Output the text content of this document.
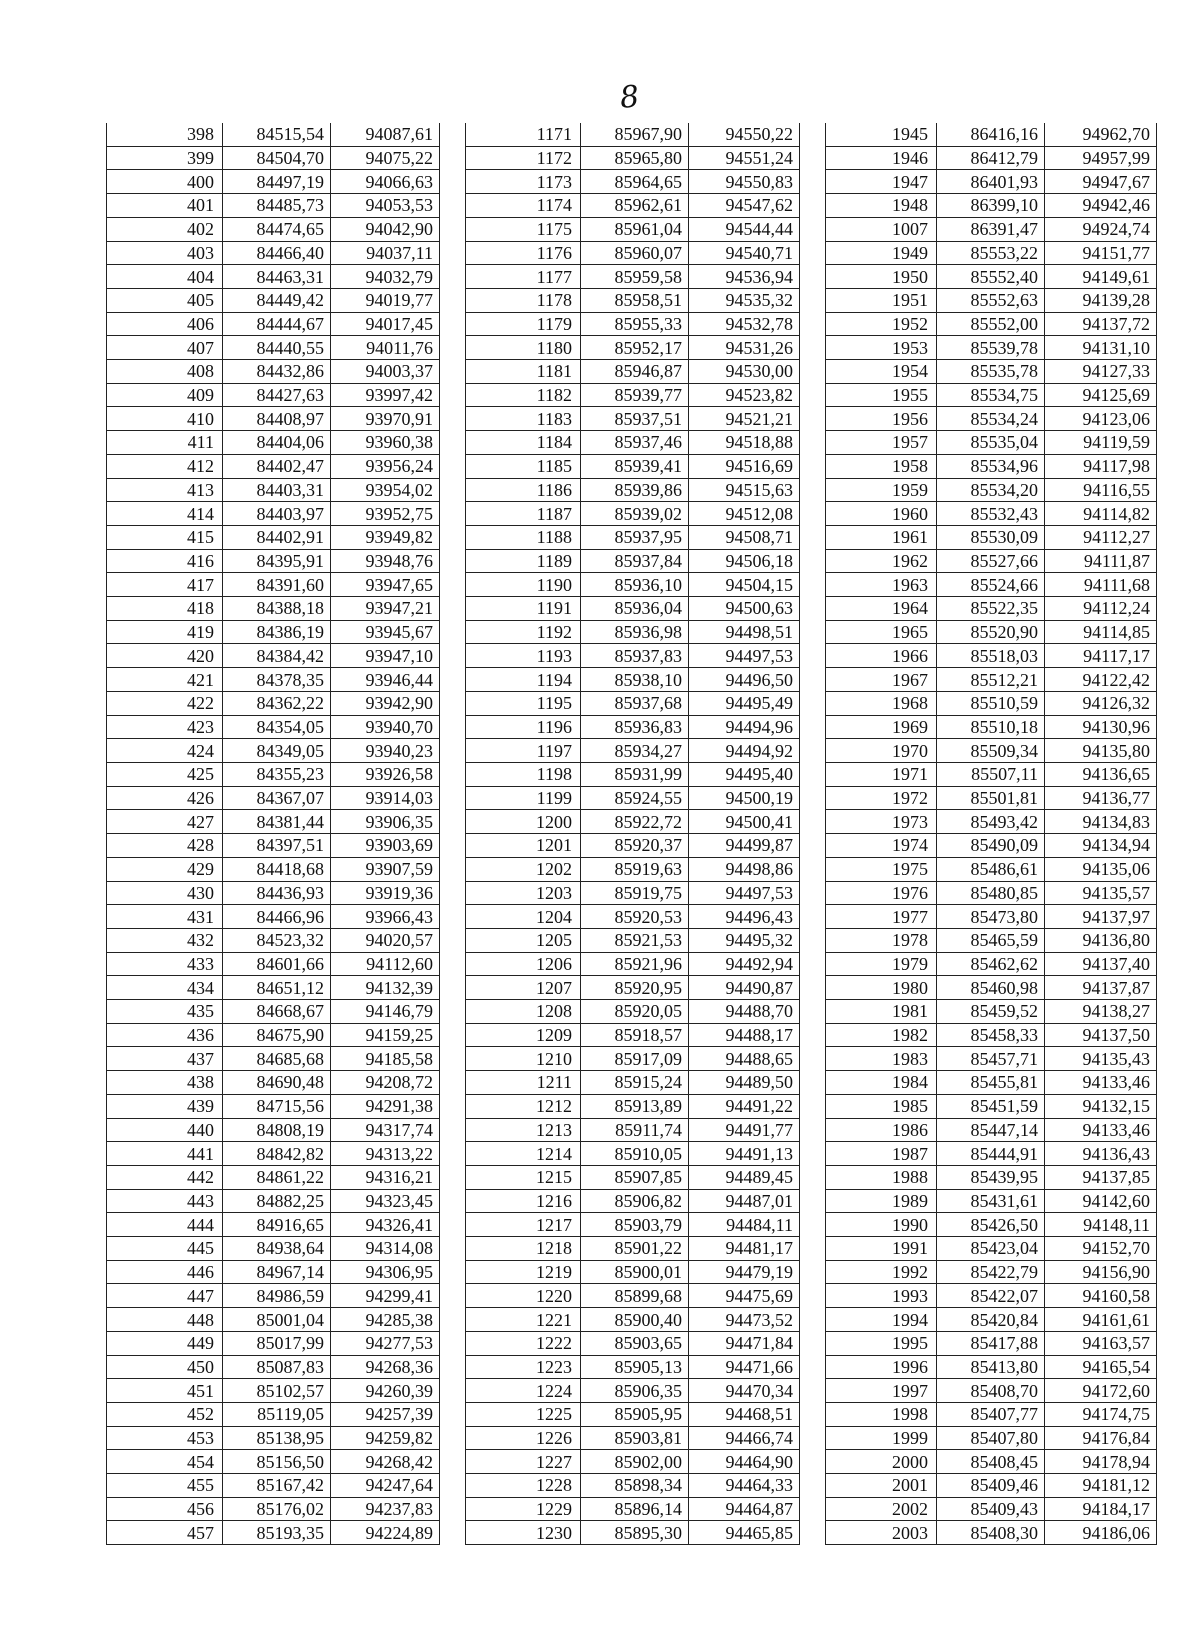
8
398	84515,54	94087,61
399	84504,70	94075,22
400	84497,19	94066,63
401	84485,73	94053,53
402	84474,65	94042,90
403	84466,40	94037,11
404	84463,31	94032,79
405	84449,42	94019,77
406	84444,67	94017,45
407	84440,55	94011,76
408	84432,86	94003,37
409	84427,63	93997,42
410	84408,97	93970,91
411	84404,06	93960,38
412	84402,47	93956,24
413	84403,31	93954,02
414	84403,97	93952,75
415	84402,91	93949,82
416	84395,91	93948,76
417	84391,60	93947,65
418	84388,18	93947,21
419	84386,19	93945,67
420	84384,42	93947,10
421	84378,35	93946,44
422	84362,22	93942,90
423	84354,05	93940,70
424	84349,05	93940,23
425	84355,23	93926,58
426	84367,07	93914,03
427	84381,44	93906,35
428	84397,51	93903,69
429	84418,68	93907,59
430	84436,93	93919,36
431	84466,96	93966,43
432	84523,32	94020,57
433	84601,66	94112,60
434	84651,12	94132,39
435	84668,67	94146,79
436	84675,90	94159,25
437	84685,68	94185,58
438	84690,48	94208,72
439	84715,56	94291,38
440	84808,19	94317,74
441	84842,82	94313,22
442	84861,22	94316,21
443	84882,25	94323,45
444	84916,65	94326,41
445	84938,64	94314,08
446	84967,14	94306,95
447	84986,59	94299,41
448	85001,04	94285,38
449	85017,99	94277,53
450	85087,83	94268,36
451	85102,57	94260,39
452	85119,05	94257,39
453	85138,95	94259,82
454	85156,50	94268,42
455	85167,42	94247,64
456	85176,02	94237,83
457	85193,35	94224,89
1171	85967,90	94550,22
1172	85965,80	94551,24
1173	85964,65	94550,83
1174	85962,61	94547,62
1175	85961,04	94544,44
1176	85960,07	94540,71
1177	85959,58	94536,94
1178	85958,51	94535,32
1179	85955,33	94532,78
1180	85952,17	94531,26
1181	85946,87	94530,00
1182	85939,77	94523,82
1183	85937,51	94521,21
1184	85937,46	94518,88
1185	85939,41	94516,69
1186	85939,86	94515,63
1187	85939,02	94512,08
1188	85937,95	94508,71
1189	85937,84	94506,18
1190	85936,10	94504,15
1191	85936,04	94500,63
1192	85936,98	94498,51
1193	85937,83	94497,53
1194	85938,10	94496,50
1195	85937,68	94495,49
1196	85936,83	94494,96
1197	85934,27	94494,92
1198	85931,99	94495,40
1199	85924,55	94500,19
1200	85922,72	94500,41
1201	85920,37	94499,87
1202	85919,63	94498,86
1203	85919,75	94497,53
1204	85920,53	94496,43
1205	85921,53	94495,32
1206	85921,96	94492,94
1207	85920,95	94490,87
1208	85920,05	94488,70
1209	85918,57	94488,17
1210	85917,09	94488,65
1211	85915,24	94489,50
1212	85913,89	94491,22
1213	85911,74	94491,77
1214	85910,05	94491,13
1215	85907,85	94489,45
1216	85906,82	94487,01
1217	85903,79	94484,11
1218	85901,22	94481,17
1219	85900,01	94479,19
1220	85899,68	94475,69
1221	85900,40	94473,52
1222	85903,65	94471,84
1223	85905,13	94471,66
1224	85906,35	94470,34
1225	85905,95	94468,51
1226	85903,81	94466,74
1227	85902,00	94464,90
1228	85898,34	94464,33
1229	85896,14	94464,87
1230	85895,30	94465,85
1945	86416,16	94962,70
1946	86412,79	94957,99
1947	86401,93	94947,67
1948	86399,10	94942,46
1007	86391,47	94924,74
1949	85553,22	94151,77
1950	85552,40	94149,61
1951	85552,63	94139,28
1952	85552,00	94137,72
1953	85539,78	94131,10
1954	85535,78	94127,33
1955	85534,75	94125,69
1956	85534,24	94123,06
1957	85535,04	94119,59
1958	85534,96	94117,98
1959	85534,20	94116,55
1960	85532,43	94114,82
1961	85530,09	94112,27
1962	85527,66	94111,87
1963	85524,66	94111,68
1964	85522,35	94112,24
1965	85520,90	94114,85
1966	85518,03	94117,17
1967	85512,21	94122,42
1968	85510,59	94126,32
1969	85510,18	94130,96
1970	85509,34	94135,80
1971	85507,11	94136,65
1972	85501,81	94136,77
1973	85493,42	94134,83
1974	85490,09	94134,94
1975	85486,61	94135,06
1976	85480,85	94135,57
1977	85473,80	94137,97
1978	85465,59	94136,80
1979	85462,62	94137,40
1980	85460,98	94137,87
1981	85459,52	94138,27
1982	85458,33	94137,50
1983	85457,71	94135,43
1984	85455,81	94133,46
1985	85451,59	94132,15
1986	85447,14	94133,46
1987	85444,91	94136,43
1988	85439,95	94137,85
1989	85431,61	94142,60
1990	85426,50	94148,11
1991	85423,04	94152,70
1992	85422,79	94156,90
1993	85422,07	94160,58
1994	85420,84	94161,61
1995	85417,88	94163,57
1996	85413,80	94165,54
1997	85408,70	94172,60
1998	85407,77	94174,75
1999	85407,80	94176,84
2000	85408,45	94178,94
2001	85409,46	94181,12
2002	85409,43	94184,17
2003	85408,30	94186,06
